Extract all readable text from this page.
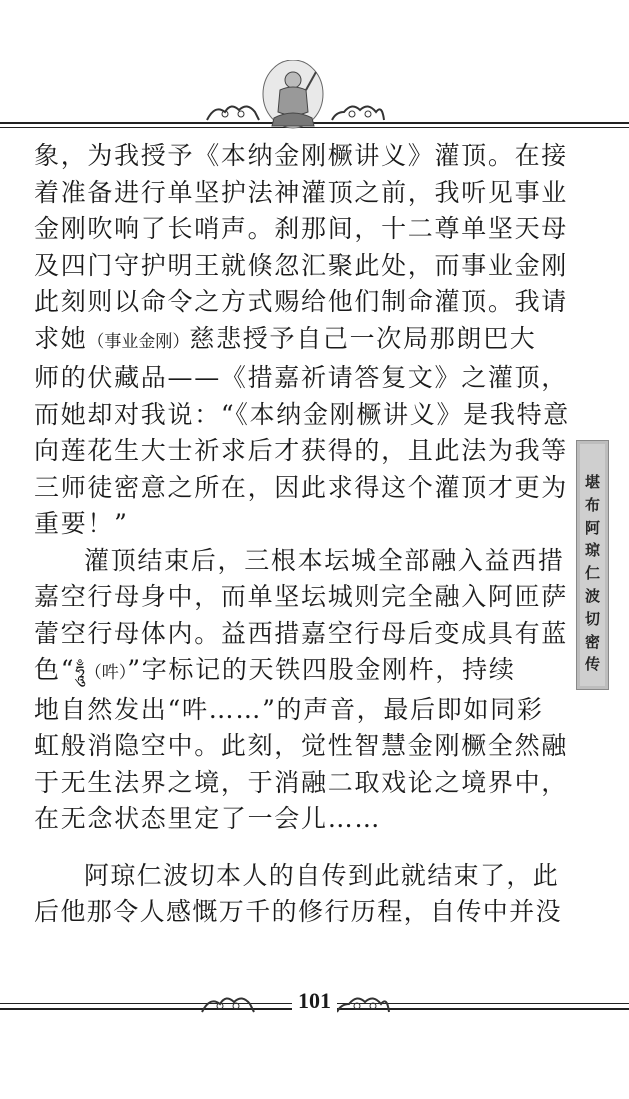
象，为我授予《本纳金刚橛讲义》灌顶。在接
着准备进行单坚护法神灌顶之前，我听见事业
金刚吹响了长哨声。刹那间，十二尊单坚天母
及四门守护明王就倏忽汇聚此处，而事业金刚
此刻则以命令之方式赐给他们制命灌顶。我请
求她（事业金刚）慈悲授予自己一次局那朗巴大
师的伏藏品——《措嘉祈请答复文》之灌顶，
而她却对我说：“《本纳金刚橛讲义》是我特意
向莲花生大士祈求后才获得的，且此法为我等
三师徒密意之所在，因此求得这个灌顶才更为
重要！”
灌顶结束后，三根本坛城全部融入益西措
嘉空行母身中，而单坚坛城则完全融入阿匝萨
蕾空行母体内。益西措嘉空行母后变成具有蓝
色“ཧཱུྃ（吽）”字标记的天铁四股金刚杵，持续
地自然发出“吽……”的声音，最后即如同彩
虹般消隐空中。此刻，觉性智慧金刚橛全然融
于无生法界之境，于消融二取戏论之境界中，
在无念状态里定了一会儿……
阿琼仁波切本人的自传到此就结束了，此
后他那令人感慨万千的修行历程，自传中并没
堪
布
阿
琼
仁
波
切
密
传
101
